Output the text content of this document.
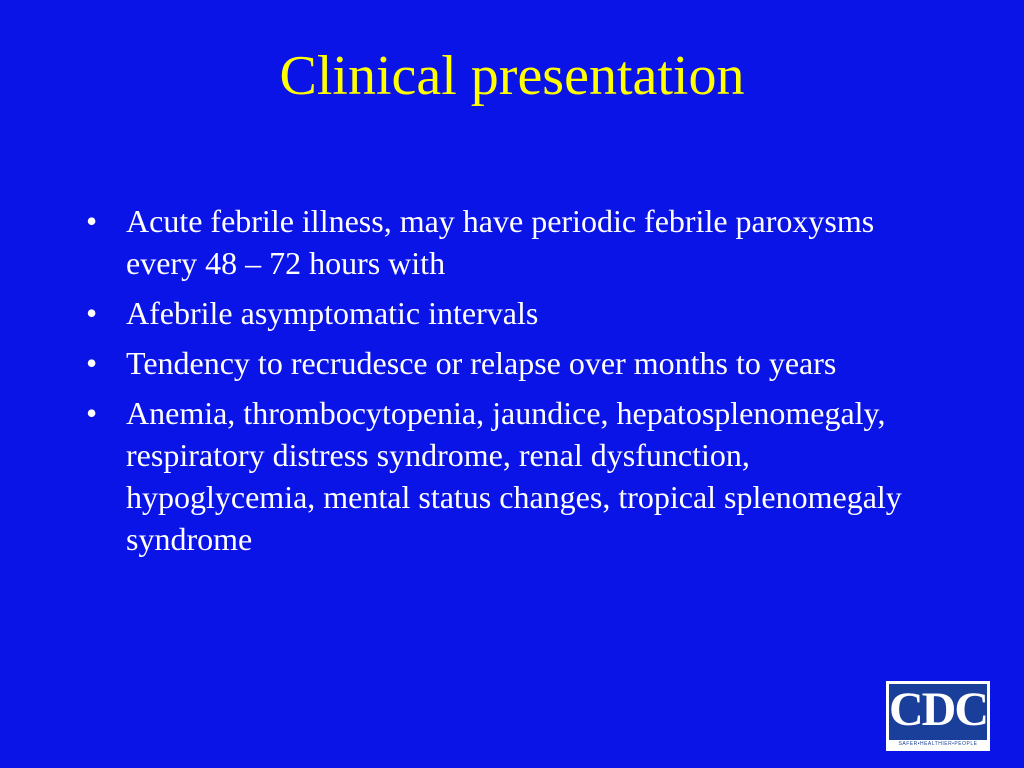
Clinical presentation
• Acute febrile illness, may have periodic febrile paroxysms every 48 – 72 hours with
• Afebrile asymptomatic intervals
• Tendency to recrudesce or relapse over months to years
• Anemia, thrombocytopenia, jaundice, hepatosplenomegaly, respiratory distress syndrome, renal dysfunction, hypoglycemia, mental status changes, tropical splenomegaly syndrome
CDC
SAFER•HEALTHIER•PEOPLE
